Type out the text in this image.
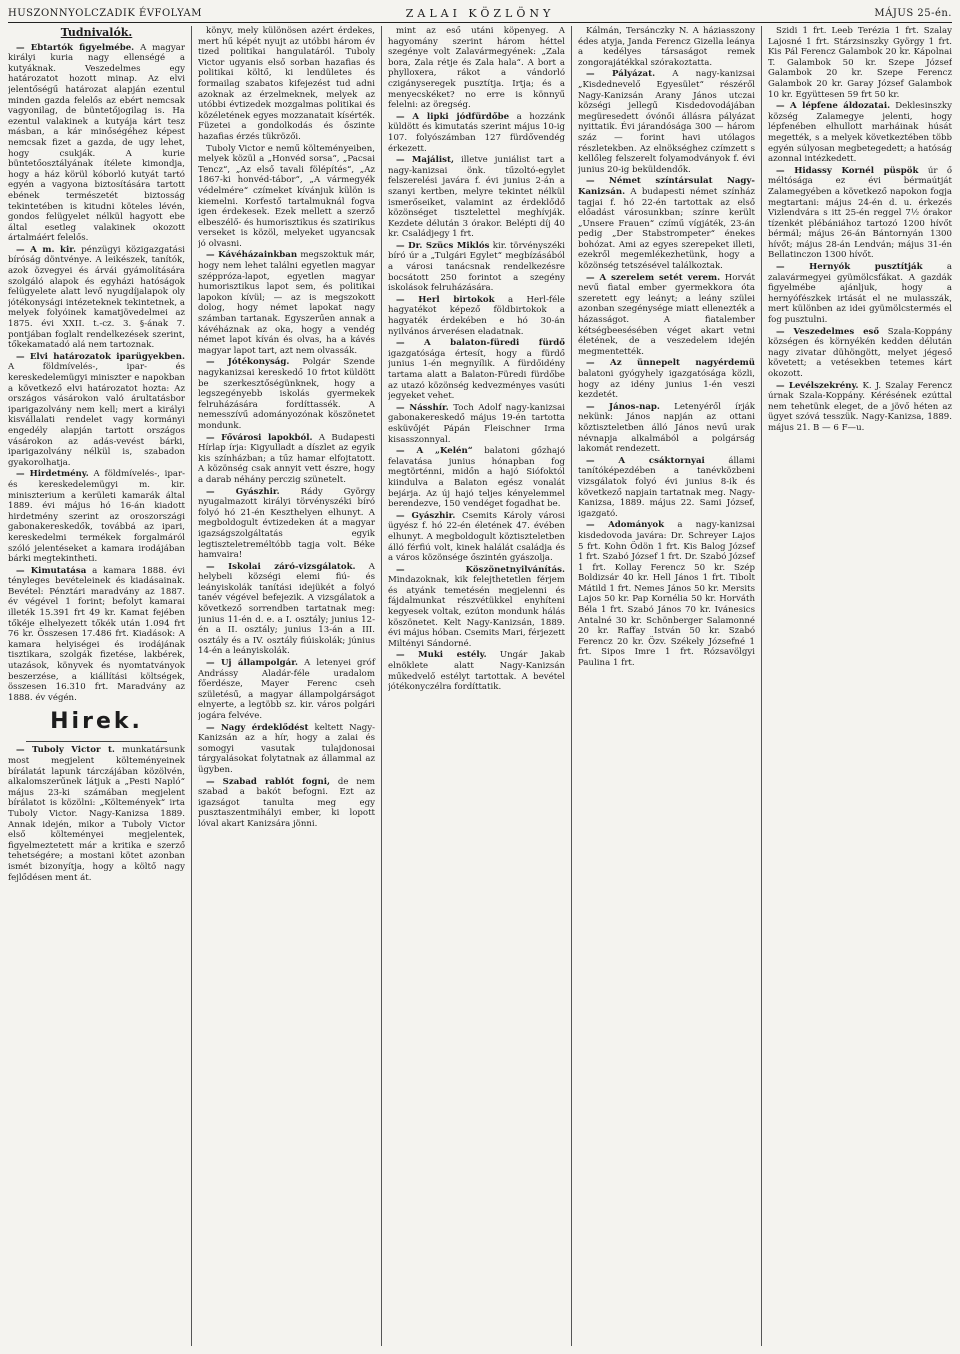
HUSZONNYOLCZADIK ÉVFOLYAM	ZALAI KÖZLÖNY	MÁJUS 25-én.
Tudnivalók.

— Ebtartók figyelmébe. A magyar királyi kuria nagy ellenségé a kutyáknak. Veszedelmes egy határozatot hozott minap. Az elvi jelentőségű határozat alapján ezentul minden gazda felelős az ebért nemcsak vagyonilag, de büntetőjogilag is. Ha ezentul valakinek a kutyája kárt tesz másban, a kár minőségéhez képest nemcsak fizet a gazda, de ugy lehet, hogy csukják. A kurie büntetőosztályának ítélete kimondja, hogy a ház körül kóborló kutyát tartó egyén a vagyona biztosítására tartott ebének természetét biztosság tekintetében is kitudni köteles lévén, gondos felügyelet nélkül hagyott ebe által esetleg valakinek okozott ártalmáért felelős.

— A m. kir. pénzügyi közigazgatási bíróság döntvénye. A leikészek, tanítók, azok özvegyei és árvái gyámolítására szolgáló alapok és egyházi hatóságok felügyelete alatt levő nyugdíjalapok oly jótékonysági intézeteknek tekintetnek, a melyek folyóinek kamatjövedelmei az 1875. évi XXII. t.-cz. 3. §-ának 7. pontjában foglalt rendelkezések szerint, tőkekamatadó alá nem tartoznak.

— Elvi határozatok iparügyekben. A földmívelés-, ipar- és kereskedelemügyi miniszter e napokban a következő elvi határozatot hozta: Az országos vásárokon való árultatásbor iparigazolvány nem kell; mert a királyi kisvállalati rendelet vagy kormányi engedély alapján tartott országos vásárokon az adás-vevést bárki, iparigazolvány nélkül is, szabadon gyakorolhatja.

— Hirdetmény. A földmívelés-, ipar- és kereskedelemügyi m. kir. miniszterium a kerületi kamarák által 1889. évi május hó 16-án kiadott hirdetmény szerint az oroszországi gabonakereskedők, továbbá az ipari, kereskedelmi termékek forgalmáról szóló jelentéseket a kamara irodájában bárki megtekintheti.

— Kimutatása a kamara 1888. évi tényleges bevételeinek és kiadásainak. Bevétel: Pénztári maradvány az 1887. év végével 1 forint; befolyt kamarai illeték 15.391 frt 49 kr. Kamat fejében tőkéje elhelyezett tőkék után 1.094 frt 76 kr. Összesen 17.486 frt. Kiadások: A kamara helyiségei és irodájának tisztikara, szolgák fizetése, lakbérek, utazások, könyvek és nyomtatványok beszerzése, a kiállítási költségek, összesen 16.310 frt. Maradvány az 1888. év végén.

Hirek.

— Tuboly Victor t. munkatársunk most megjelent költeményeinek bírálatát lapunk tárczájában közölvén, alkalomszerűnek látjuk a „Pesti Napló“ május 23-ki számában megjelent bírálatot is közölni: „Költemények“ irta Tuboly Victor. Nagy-Kanizsa 1889. Annak idején, mikor a Tuboly Victor első költeményei megjelentek, figyelmeztetett már a kritika e szerző tehetségére; a mostani kötet azonban ismét bizonyítja, hogy a költő nagy fejlődésen ment át.

könyv, mely különösen azért érdekes, mert hű képét nyujt az utóbbi három év tized politikai hangulatáról. Tuboly Victor ugyanis első sorban hazafias és politikai költő, ki lendületes és formailag szabatos kifejezést tud adni azoknak az érzelmeknek, melyek az utóbbi évtizedek mozgalmas politikai és közéletének egyes mozzanatait kísérték. Füzetei a gondolkodás és őszinte hazafias érzés tükrözői.

Tuboly Victor e nemű költeményeiben, melyek közül a „Honvéd sorsa“, „Pacsai Tencz“, „Az első tavali fölépítés“, „Az 1867-ki honvéd-tábor“, „A vármegyék védelmére“ czímeket kívánjuk külön is kiemelni. Korfestő tartalmuknál fogva igen érdekesek. Ezek mellett a szerző elbeszélő- és humorisztikus és szatirikus verseket is közöl, melyeket ugyancsak jó olvasni.

— Kávéházainkban megszoktuk már, hogy nem lehet találni egyetlen magyar széppróza-lapot, egyetlen magyar humorisztikus lapot sem, és politikai lapokon kívül; — az is megszokott dolog, hogy német lapokat nagy számban tartanak. Egyszerűen annak a kávéháznak az oka, hogy a vendég német lapot kíván és olvas, ha a kávés magyar lapot tart, azt nem olvassák.

— Jótékonyság. Polgár Szende nagykanizsai kereskedő 10 frtot küldött be szerkesztőségünknek, hogy a legszegényebb iskolás gyermekek felruházására fordíttassék. A nemesszívű adományozónak köszönetet mondunk.

— Fővárosi lapokból. A Budapesti Hírlap írja: Kigyulladt a díszlet az egyik kis színházban; a tűz hamar elfojtatott. A közönség csak annyit vett észre, hogy a darab néhány perczig szünetelt.

— Gyászhir. Rády György nyugalmazott királyi törvényszéki bíró folyó hó 21-én Keszthelyen elhunyt. A megboldogult évtizedeken át a magyar igazságszolgáltatás egyik legtiszteletreméltóbb tagja volt. Béke hamvaira!

— Iskolai záró-vizsgálatok. A helybeli községi elemi fiú- és leányiskolák tanítási idejükét a folyó tanév végével befejezik. A vizsgálatok a következő sorrendben tartatnak meg: junius 11-én d. e. a I. osztály; junius 12-én a II. osztály; junius 13-án a III. osztály és a IV. osztály fiúiskolák; június 14-én a leányiskolák.

— Uj állampolgár. A letenyei gróf Andrássy Aladár-féle uradalom főerdésze, Mayer Ferenc cseh születésű, a magyar állampolgárságot elnyerte, a legtöbb sz. kir. város polgári jogára felvéve.

— Nagy érdeklődést keltett Nagy-Kanizsán az a hír, hogy a zalai és somogyi vasutak tulajdonosai tárgyalásokat folytatnak az állammal az ügyben.

— Szabad rablót fogni, de nem szabad a bakót befogni. Ezt az igazságot tanulta meg egy pusztaszentmihályi ember, ki lopott lóval akart Kanizsára jönni.

mint az eső utáni köpenyeg. A hagyomány szerint három héttel szegénye volt Zalavármegyének: „Zala bora, Zala rétje és Zala hala“. A bort a phylloxera, rákot a vándorló czigányseregek pusztítja. Irtja; és a menyecskéket? no erre is könnyű felelni: az öregség.

— A lipki jódfürdőbe a hozzánk küldött és kimutatás szerint május 10-ig 107. folyószámban 127 fürdővendég érkezett.

— Majálist, illetve juniálist tart a nagy-kanizsai önk. tűzoltó-egylet felszerelési javára f. évi junius 2-án a szanyi kertben, melyre tekintet nélkül ismerőseiket, valamint az érdeklődő közönséget tisztelettel meghívják. Kezdete délután 3 órakor. Belépti díj 40 kr. Családjegy 1 frt.

— Dr. Szücs Miklós kir. törvényszéki bíró úr a „Tulgári Egylet“ megbízásából a városi tanácsnak rendelkezésre bocsátott 250 forintot a szegény iskolások felruházására.

— Herl birtokok a Herl-féle hagyatékot képező földbirtokok a hagyaték érdekében e hó 30-án nyilvános árverésen eladatnak.

— A balaton-füredi fürdő igazgatósága értesít, hogy a fürdő junius 1-én megnyílik. A fürdőidény tartama alatt a Balaton-Füredi fürdőbe az utazó közönség kedvezményes vasúti jegyeket vehet.

— Násshír. Toch Adolf nagy-kanizsai gabonakereskedő május 19-én tartotta esküvőjét Pápán Fleischner Irma kisasszonnyal.

— A „Kelén“ balatoni gőzhajó felavatása junius hónapban fog megtörténni, midőn a hajó Siófoktól kiindulva a Balaton egész vonalát bejárja. Az új hajó teljes kényelemmel berendezve, 150 vendéget fogadhat be.

— Gyászhir. Csemits Károly városi ügyész f. hó 22-én életének 47. évében elhunyt. A megboldogult köztiszteletben álló férfiú volt, kinek halálát családja és a város közönsége őszintén gyászolja.

— Köszönetnyilvánítás. Mindazoknak, kik felejthetetlen férjem és atyánk temetésén megjelenni és fájdalmunkat részvétükkel enyhíteni kegyesek voltak, ezúton mondunk hálás köszönetet. Kelt Nagy-Kanizsán, 1889. évi május hóban. Csemits Mari, férjezett Miltényi Sándorné.

— Muki estély. Ungár Jakab elnöklete alatt Nagy-Kanizsán műkedvelő estélyt tartottak. A bevétel jótékonyczélra fordíttatik.

Kálmán, Tersánczky N. A háziasszony édes atyja, Janda Ferencz Gizella leánya a kedélyes társaságot remek zongorajátékkal szórakoztatta.

— Pályázat. A nagy-kanizsai „Kisdednevelő Egyesület“ részéről Nagy-Kanizsán Arany János utczai községi jellegű Kisdedovodájában megüresedett óvónői állásra pályázat nyittatik. Évi járandósága 300 — három száz — forint havi utólagos részletekben. Az elnökséghez czímzett s kellőleg felszerelt folyamodványok f. évi junius 20-ig beküldendők.

— Német színtársulat Nagy-Kanizsán. A budapesti német színház tagjai f. hó 22-én tartottak az első előadást városunkban; színre került „Unsere Frauen“ czímű vígjáték, 23-án pedig „Der Stabstrompeter“ énekes bohózat. Ami az egyes szerepeket illeti, ezekről megemlékezhetünk, hogy a közönség tetszésével találkoztak.

— A szerelem setét verem. Horvát nevű fiatal ember gyermekkora óta szeretett egy leányt; a leány szülei azonban szegénysége miatt ellenezték a házasságot. A fiatalember kétségbeesésében véget akart vetni életének, de a veszedelem idején megmentették.

— Az ünnepelt nagyérdemü balatoni gyógyhely igazgatósága közli, hogy az idény junius 1-én veszi kezdetét.

— János-nap. Letenyéről írják nekünk: János napján az ottani köztiszteletben álló János nevű urak névnapja alkalmából a polgárság lakomát rendezett.

— A csáktornyai	állami tanítóképezdében a tanévközbeni vizsgálatok folyó évi junius 8-ik és következő napjain tartatnak meg. Nagy-Kanizsa, 1889. május 22. Sami József, igazgató.

— Adományok a nagy-kanizsai kisdedovoda javára: Dr. Schreyer Lajos 5 frt. Kohn Ödön 1 frt. Kis Balog József 1 frt. Szabó József 1 frt. Dr. Szabó József 1 frt. Kollay Ferencz 50 kr. Szép Boldizsár 40 kr. Hell János 1 frt. Tibolt Mátild 1 frt. Nemes János 50 kr. Mersits Lajos 50 kr. Pap Kornélia 50 kr. Horváth Béla 1 frt. Szabó János 70 kr. Ivánesics Antalné 30 kr. Schönberger Salamonné 20 kr. Raffay István 50 kr. Szabó Ferencz 20 kr. Özv. Székely Józsefné 1 frt. Sipos Imre 1 frt. Rózsavölgyi Paulina 1 frt.

Szidi 1 frt. Leeb Terézia 1 frt. Szalay Lajosné 1 frt. Stárzsinszky György 1 frt. Kis Pál Ferencz Galambok 20 kr. Kápolnai T. Galambok 50 kr. Szepe József Galambok 20 kr. Szepe Ferencz Galambok 20 kr. Garay József Galambok 10 kr. Együttesen 59 frt 50 kr.

— A lépfene áldozatai. Deklesinszky község Zalamegye jelenti, hogy lépfenében elhullott marháinak húsát megették, s a melyek következtében több egyén súlyosan megbetegedett; a hatóság azonnal intézkedett.

— Hidassy Kornél püspök úr ő méltósága ez évi bérmaútját Zalamegyében a következő napokon fogja megtartani: május 24-én d. u. érkezés Vizlendvára s itt 25-én reggel 7½ órakor tízenkét plébániához tartozó 1200 hívőt bérmál; május 26-án Bántornyán 1300 hívőt; május 28-án Lendván; május 31-én Bellatinczon 1300 hívőt.

— Hernyók pusztítják	a zalavármegyei gyümölcsfákat. A gazdák figyelmébe ajánljuk, hogy a hernyófészkek irtását el ne mulasszák, mert különben az idei gyümölcstermés el fog pusztulni.

— Veszedelmes eső Szala-Koppány községen és környékén kedden délután nagy zivatar dühöngött, melyet jégeső követett; a vetésekben tetemes kárt okozott.

— Levélszekrény. K. J. Szalay Ferencz úrnak Szala-Koppány. Kérésének ezúttal nem tehetünk eleget, de a jövő héten az ügyet szóvá tesszük. Nagy-Kanizsa, 1889. május 21. B — 6 F—u.
